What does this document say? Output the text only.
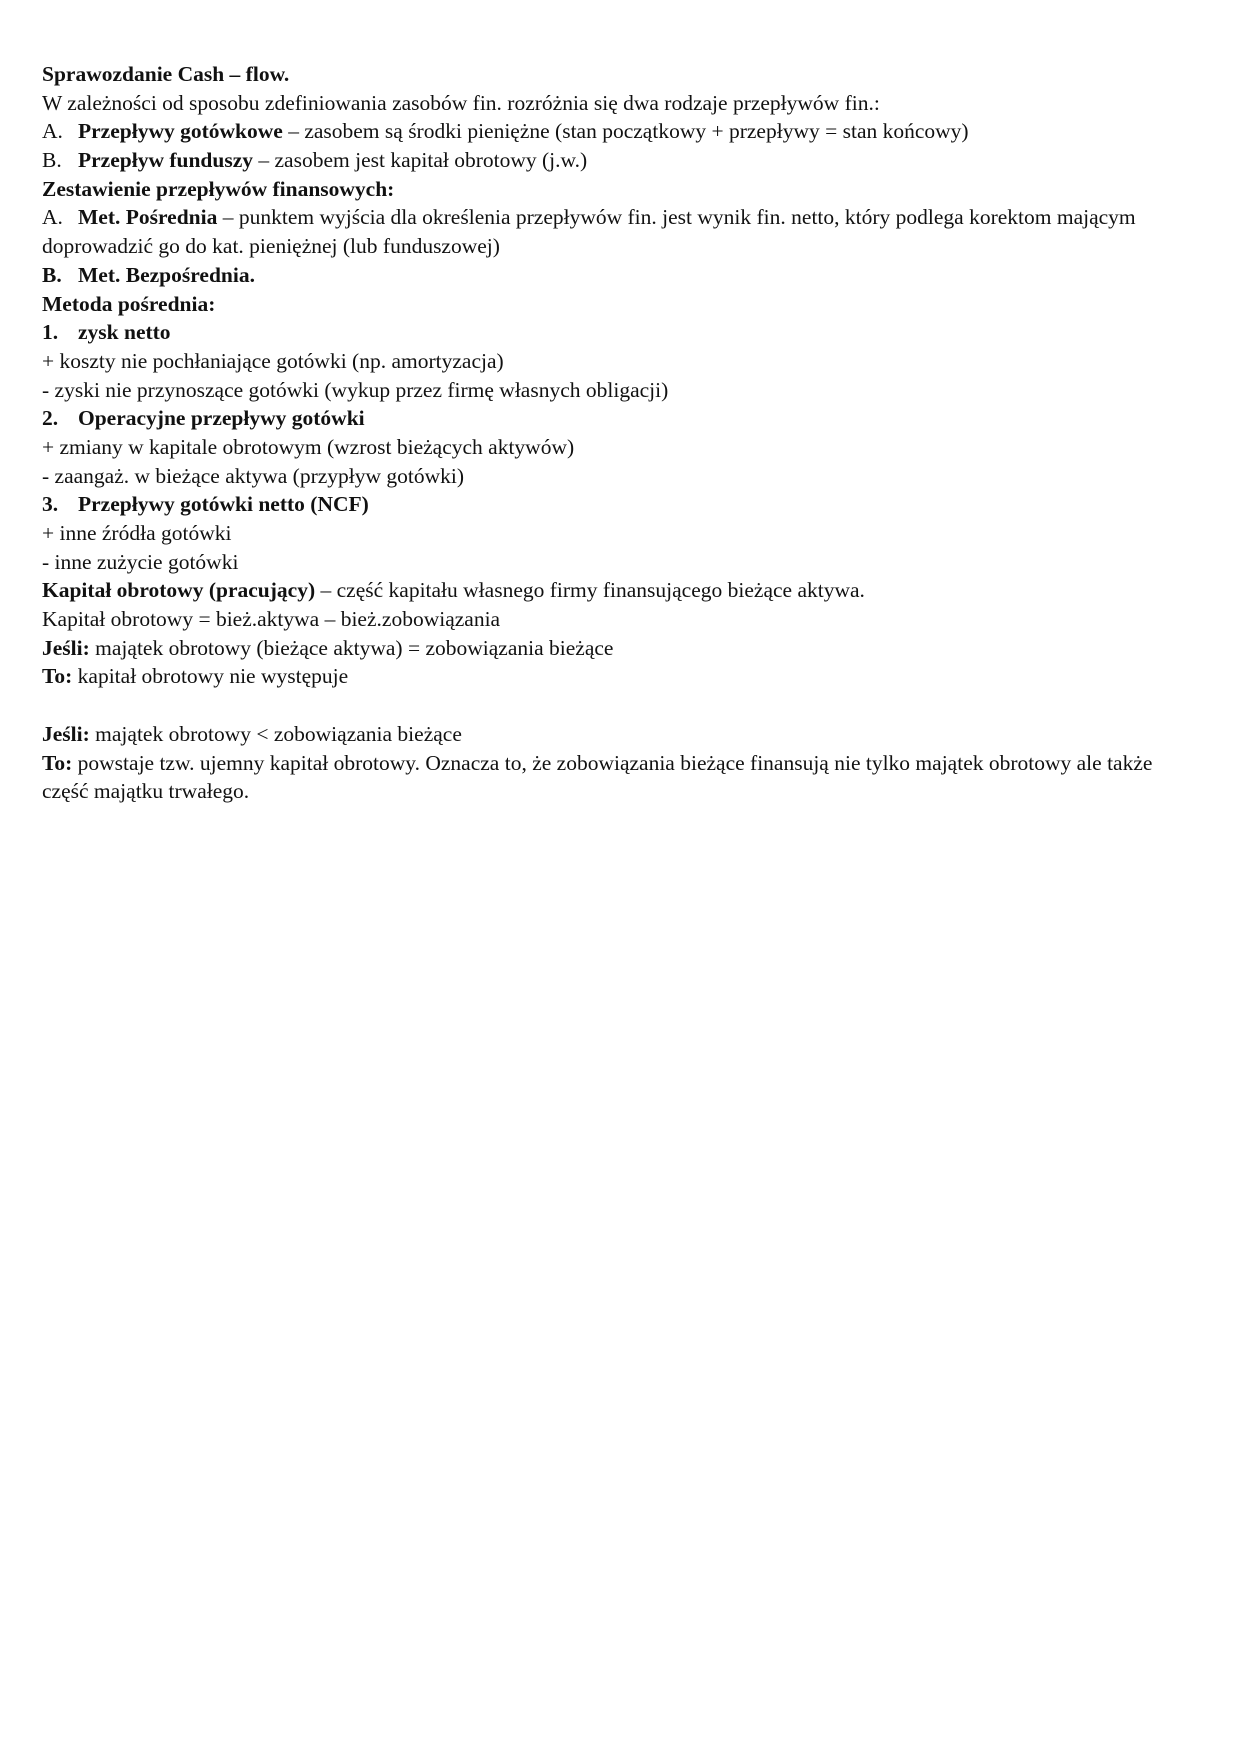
Sprawozdanie Cash – flow.
W zależności od sposobu zdefiniowania zasobów fin. rozróżnia się dwa rodzaje przepływów fin.:
A. Przepływy gotówkowe – zasobem są środki pieniężne (stan początkowy + przepływy = stan końcowy)
B. Przepływ funduszy – zasobem jest kapitał obrotowy (j.w.)
Zestawienie przepływów finansowych:
A. Met. Pośrednia – punktem wyjścia dla określenia przepływów fin. jest wynik fin. netto, który podlega korektom mającym doprowadzić go do kat. pieniężnej (lub funduszowej)
B. Met. Bezpośrednia.
Metoda pośrednia:
1. zysk netto
+ koszty nie pochłaniające gotówki (np. amortyzacja)
- zyski nie przynoszące gotówki (wykup przez firmę własnych obligacji)
2. Operacyjne przepływy gotówki
+ zmiany w kapitale obrotowym (wzrost bieżących aktywów)
- zaangaż. w bieżące aktywa (przypływ gotówki)
3. Przepływy gotówki netto (NCF)
+ inne źródła gotówki
- inne zużycie gotówki
Kapitał obrotowy (pracujący) – część kapitału własnego firmy finansującego bieżące aktywa.
Kapitał obrotowy = bież.aktywa – bież.zobowiązania
Jeśli: majątek obrotowy (bieżące aktywa) = zobowiązania bieżące
To: kapitał obrotowy nie występuje
Jeśli: majątek obrotowy < zobowiązania bieżące
To: powstaje tzw. ujemny kapitał obrotowy. Oznacza to, że zobowiązania bieżące finansują nie tylko majątek obrotowy ale także część majątku trwałego.
